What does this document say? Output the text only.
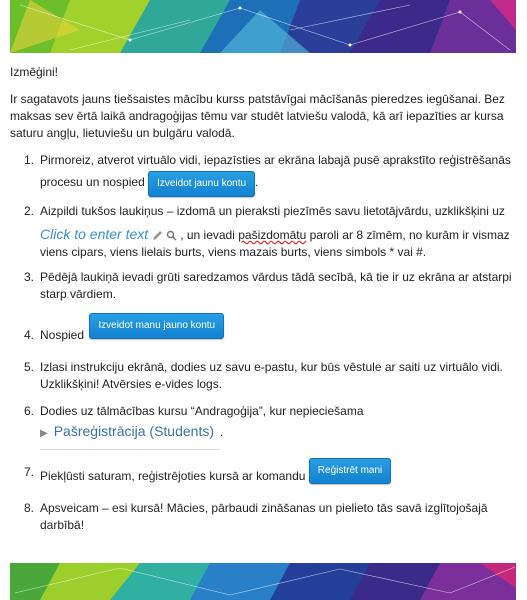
Izmēģini!

Ir sagatavots jauns tiešsaistes mācību kurss patstāvīgai mācīšanās pieredzes iegūšanai. Bez maksas sev ērtā laikā andragoģijas tēmu var studēt latviešu valodā, kā arī iepazīties ar kursa saturu angļu, lietuviešu un bulgāru valodā.

1. Pirmoreiz, atverot virtuālo vidi, iepazīsties ar ekrāna labajā pusē aprakstīto reģistrēšanās procesu un nospied Izveidot jaunu kontu .
2. Aizpildi tukšos laukiņus – izdomā un pieraksti piezīmēs savu lietotājvārdu, uzklikšķini uz
Click to enter text	, un ievadi pašizdomātu paroli ar 8 zīmēm, no kurām ir vismaz viens cipars, viens lielais burts, viens mazais burts, viens simbols * vai #.
3. Pēdējā laukiņā ievadi grūti saredzamos vārdus tādā secībā, kā tie ir uz ekrāna ar atstarpi starp vārdiem.
4. Nospied Izveidot manu jauno kontu
5. Izlasi instrukciju ekrānā, dodies uz savu e-pastu, kur būs vēstule ar saiti uz virtuālo vidi. Uzklikšķini! Atvērsies e-vides logs.
6. Dodies uz tālmācības kursu “Andragoģija”, kur nepieciešama
▶ Pašreģistrācija (Students) .
7. Piekļūsti saturam, reģistrējoties kursā ar komandu Reģistrēt mani
8. Apsveicam – esi kursā! Mācies, pārbaudi zināšanas un pielieto tās savā izglītojošajā darbībā!
